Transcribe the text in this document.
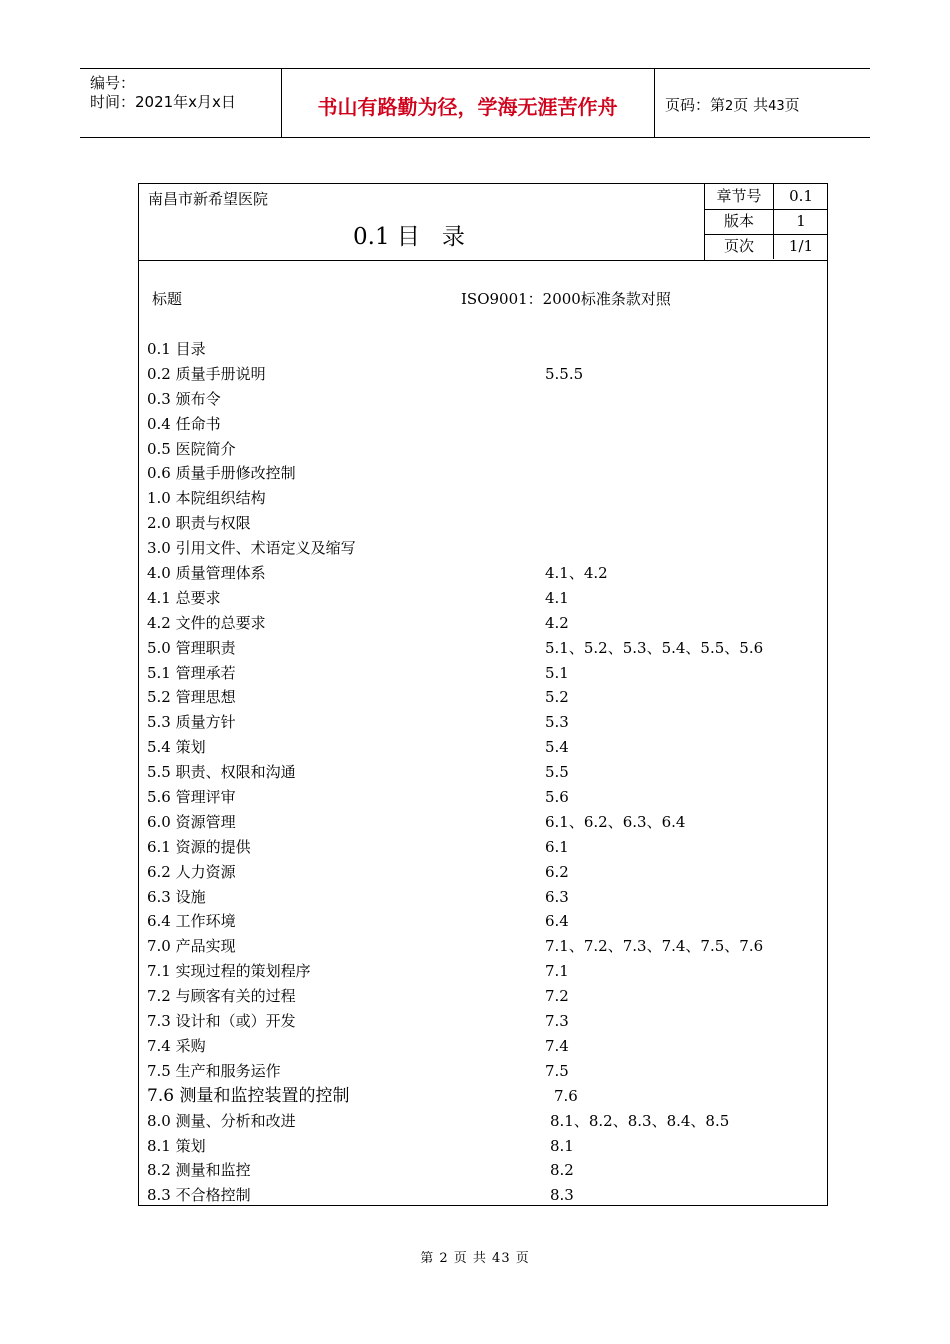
编号：
时间：2021年x月x日	书山有路勤为径，学海无涯苦作舟	页码：第2页 共43页
南昌市新希望医院
0.1 目   录
章节号	0.1
版本	1
页次	1/1
标题	ISO9001：2000标准条款对照
0.1 目录
0.2 质量手册说明	5.5.5
0.3 颁布令
0.4 任命书
0.5 医院简介
0.6 质量手册修改控制
1.0 本院组织结构
2.0 职责与权限
3.0 引用文件、术语定义及缩写
4.0 质量管理体系	4.1、4.2
4.1 总要求	4.1
4.2 文件的总要求	4.2
5.0 管理职责	5.1、5.2、5.3、5.4、5.5、5.6
5.1 管理承若	5.1
5.2 管理思想	5.2
5.3 质量方针	5.3
5.4 策划	5.4
5.5 职责、权限和沟通	5.5
5.6 管理评审	5.6
6.0 资源管理	6.1、6.2、6.3、6.4
6.1 资源的提供	6.1
6.2 人力资源	6.2
6.3 设施	6.3
6.4 工作环境	6.4
7.0 产品实现	7.1、7.2、7.3、7.4、7.5、7.6
7.1 实现过程的策划程序	7.1
7.2 与顾客有关的过程	7.2
7.3 设计和（或）开发	7.3
7.4 采购	7.4
7.5 生产和服务运作	7.5
7.6 测量和监控装置的控制	7.6
8.0 测量、分析和改进	8.1、8.2、8.3、8.4、8.5
8.1 策划	8.1
8.2 测量和监控	8.2
8.3 不合格控制	8.3
第 2 页 共 43 页
